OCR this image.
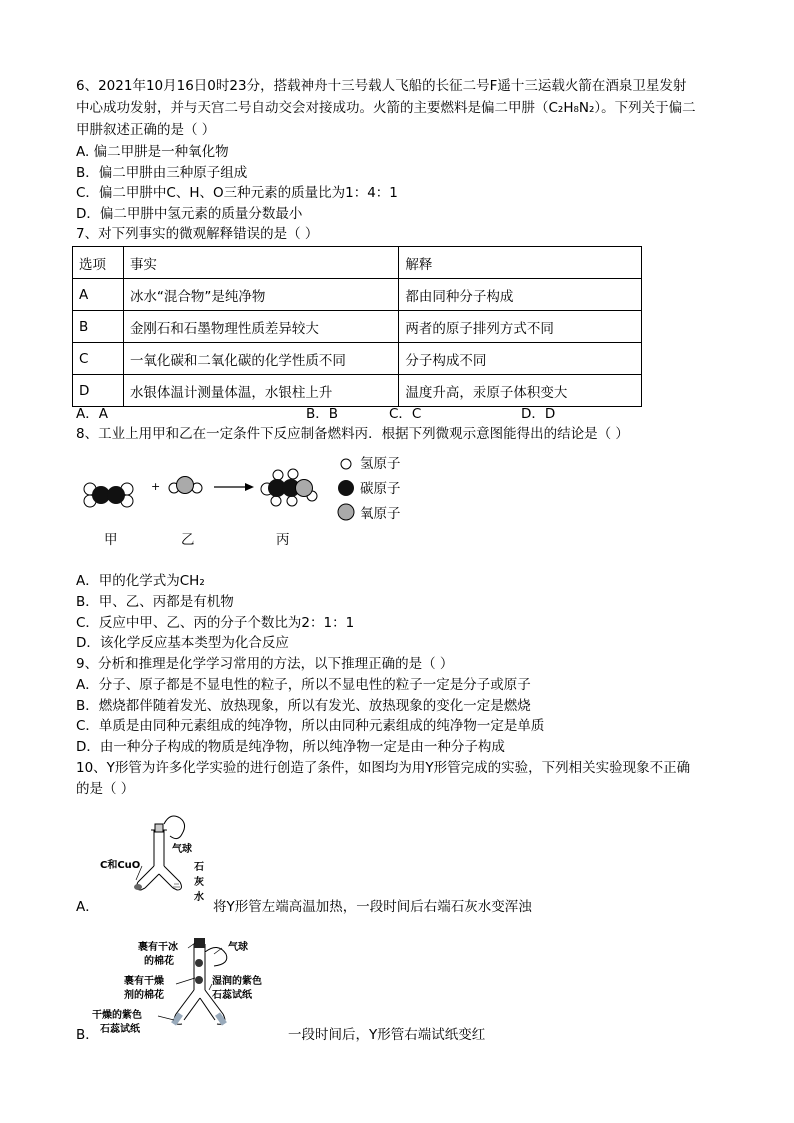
6、2021年10月16日0时23分，搭载神舟十三号载人飞船的长征二号F遥十三运载火箭在酒泉卫星发射
中心成功发射，并与天宫二号自动交会对接成功。火箭的主要燃料是偏二甲肼（C₂H₈N₂）。下列关于偏二
甲肼叙述正确的是（ ）
A. 偏二甲肼是一种氧化物
B．偏二甲肼由三种原子组成
C．偏二甲肼中C、H、O三种元素的质量比为1：4：1
D．偏二甲肼中氢元素的质量分数最小
7、对下列事实的微观解释错误的是（ ）
选项	事实	解释
A	冰水“混合物”是纯净物	都由同种分子构成
B	金刚石和石墨物理性质差异较大	两者的原子排列方式不同
C	一氧化碳和二氧化碳的化学性质不同	分子构成不同
D	水银体温计测量体温，水银柱上升	温度升高，汞原子体积变大
A．A	B．B	C．C	D．D
8、工业上用甲和乙在一定条件下反应制备燃料丙．根据下列微观示意图能得出的结论是（ ）
+
氢原子
碳原子
氧原子
甲	乙	丙
A．甲的化学式为CH₂
B．甲、乙、丙都是有机物
C．反应中甲、乙、丙的分子个数比为2：1：1
D．该化学反应基本类型为化合反应
9、分析和推理是化学学习常用的方法，以下推理正确的是（ ）
A．分子、原子都是不显电性的粒子，所以不显电性的粒子一定是分子或原子
B．燃烧都伴随着发光、放热现象，所以有发光、放热现象的变化一定是燃烧
C．单质是由同种元素组成的纯净物，所以由同种元素组成的纯净物一定是单质
D．由一种分子构成的物质是纯净物，所以纯净物一定是由一种分子构成
10、Y形管为许多化学实验的进行创造了条件，如图均为用Y形管完成的实验，下列相关实验现象不正确
的是（ ）
C和CuO
气球
石
灰
水
A．	将Y形管左端高温加热，一段时间后右端石灰水变浑浊
裹有干冰
的棉花
裹有干燥
剂的棉花
干燥的紫色
石蕊试纸
气球
湿润的紫色
石蕊试纸
B．	一段时间后，Y形管右端试纸变红
